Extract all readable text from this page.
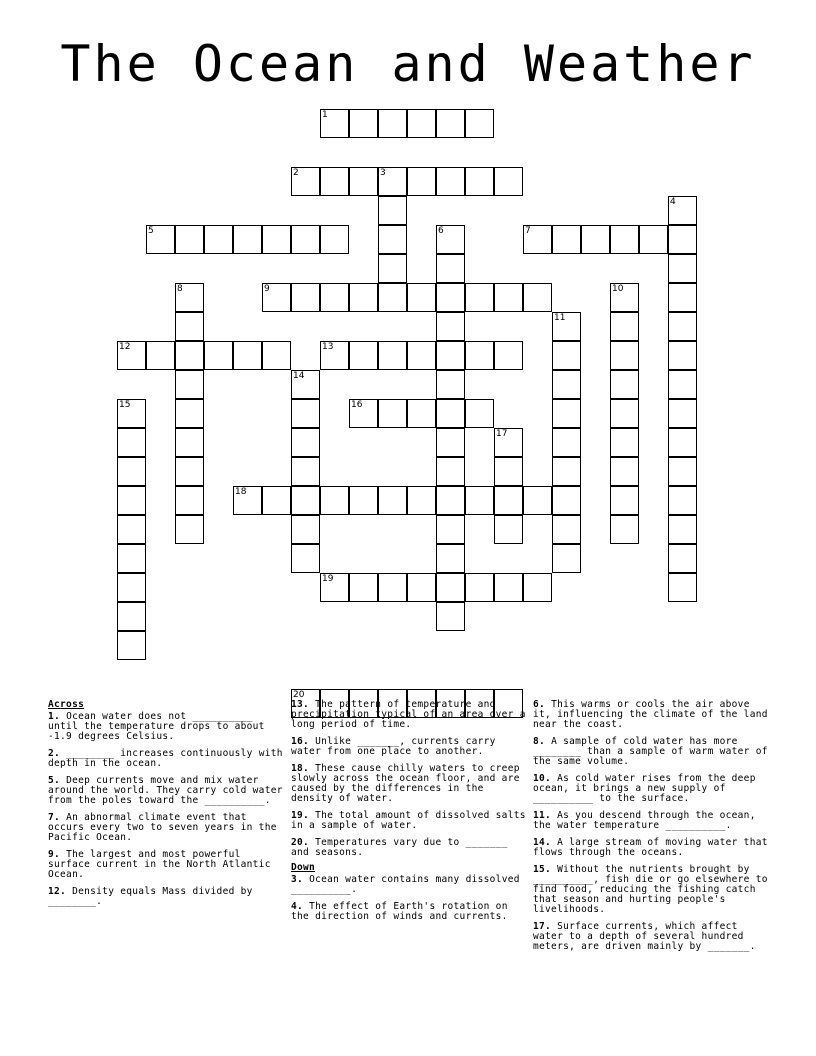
The Ocean and Weather
1
2	3
4
5	6	7
8	9	10
11
12	13
14
15	16
17
18
19
20
Across
1. Ocean water does not __________ until the temperature drops to about -1.9 degrees Celsius.
2. ________ increases continuously with depth in the ocean.
5. Deep currents move and mix water around the world. They carry cold water from the poles toward the __________.
7. An abnormal climate event that occurs every two to seven years in the Pacific Ocean.
9. The largest and most powerful surface current in the North Atlantic Ocean.
12. Density equals Mass divided by ________.
13. The pattern of temperature and precipitation typical of an area over a long period of time.
16. Unlike _______, currents carry water from one place to another.
18. These cause chilly waters to creep slowly across the ocean floor, and are caused by the differences in the density of water.
19. The total amount of dissolved salts in a sample of water.
20. Temperatures vary due to _______ and seasons.
Down
3. Ocean water contains many dissolved __________.
4. The effect of Earth's rotation on the direction of winds and currents.
6. This warms or cools the air above it, influencing the climate of the land near the coast.
8. A sample of cold water has more ________ than a sample of warm water of the same volume.
10. As cold water rises from the deep ocean, it brings a new supply of __________ to the surface.
11. As you descend through the ocean, the water temperature __________.
14. A large stream of moving water that flows through the oceans.
15. Without the nutrients brought by __________, fish die or go elsewhere to find food, reducing the fishing catch that season and hurting people's livelihoods.
17. Surface currents, which affect water to a depth of several hundred meters, are driven mainly by _______.
